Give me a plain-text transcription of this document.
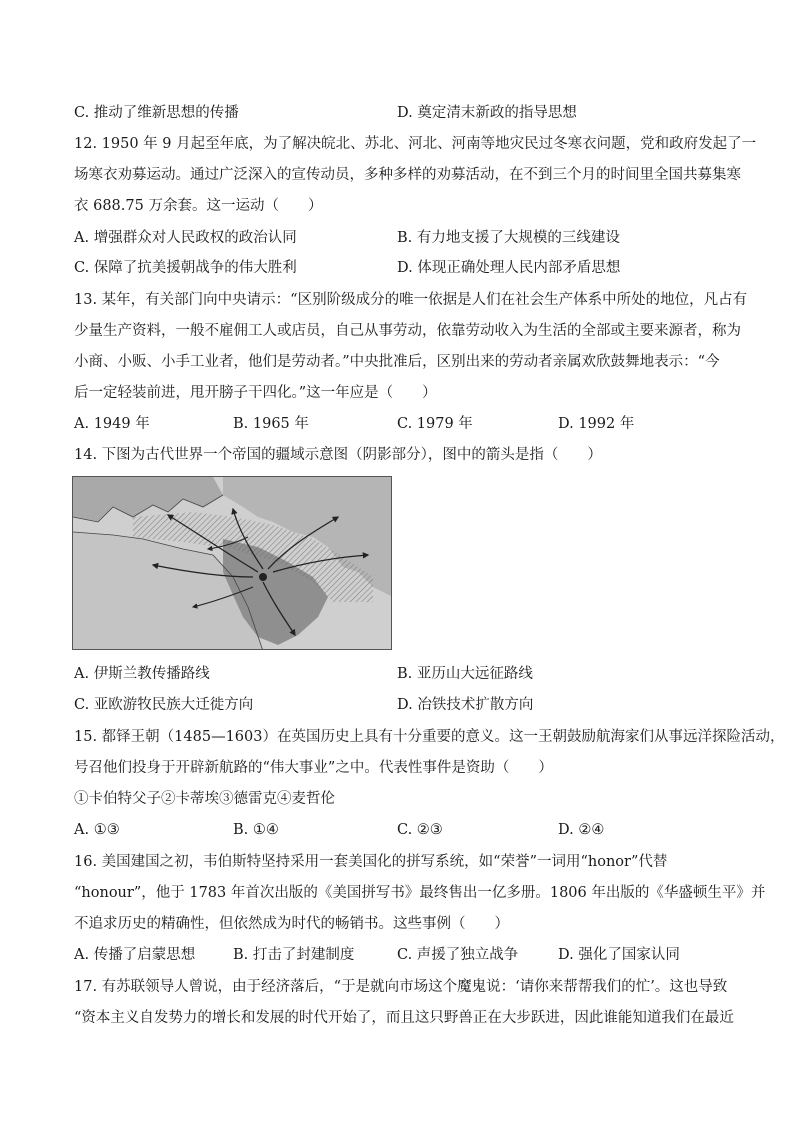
C. 推动了维新思想的传播	D. 奠定清末新政的指导思想
12. 1950 年 9 月起至年底，为了解决皖北、苏北、河北、河南等地灾民过冬寒衣问题，党和政府发起了一
场寒衣劝募运动。通过广泛深入的宣传动员，多种多样的劝募活动，在不到三个月的时间里全国共募集寒
衣 688.75 万余套。这一运动（　　）
A. 增强群众对人民政权的政治认同	B. 有力地支援了大规模的三线建设
C. 保障了抗美援朝战争的伟大胜利	D. 体现正确处理人民内部矛盾思想
13. 某年，有关部门向中央请示：“区别阶级成分的唯一依据是人们在社会生产体系中所处的地位，凡占有
少量生产资料，一般不雇佣工人或店员，自己从事劳动，依靠劳动收入为生活的全部或主要来源者，称为
小商、小贩、小手工业者，他们是劳动者。”中央批准后，区别出来的劳动者亲属欢欣鼓舞地表示：“今
后一定轻装前进，甩开膀子干四化。”这一年应是（　　）
A. 1949 年	B. 1965 年	C. 1979 年	D. 1992 年
14. 下图为古代世界一个帝国的疆域示意图（阴影部分），图中的箭头是指（　　）
A. 伊斯兰教传播路线	B. 亚历山大远征路线
C. 亚欧游牧民族大迁徙方向	D. 冶铁技术扩散方向
15. 都铎王朝（1485—1603）在英国历史上具有十分重要的意义。这一王朝鼓励航海家们从事远洋探险活动，
号召他们投身于开辟新航路的“伟大事业”之中。代表性事件是资助（　　）
①卡伯特父子②卡蒂埃③德雷克④麦哲伦
A. ①③	B. ①④	C. ②③	D. ②④
16. 美国建国之初，韦伯斯特坚持采用一套美国化的拼写系统，如“荣誉”一词用“honor”代替
“honour”，他于 1783 年首次出版的《美国拼写书》最终售出一亿多册。1806 年出版的《华盛顿生平》并
不追求历史的精确性，但依然成为时代的畅销书。这些事例（　　）
A. 传播了启蒙思想	B. 打击了封建制度	C. 声援了独立战争	D. 强化了国家认同
17. 有苏联领导人曾说，由于经济落后，“于是就向市场这个魔鬼说：‘请你来帮帮我们的忙’。这也导致
“资本主义自发势力的增长和发展的时代开始了，而且这只野兽正在大步跃进，因此谁能知道我们在最近
